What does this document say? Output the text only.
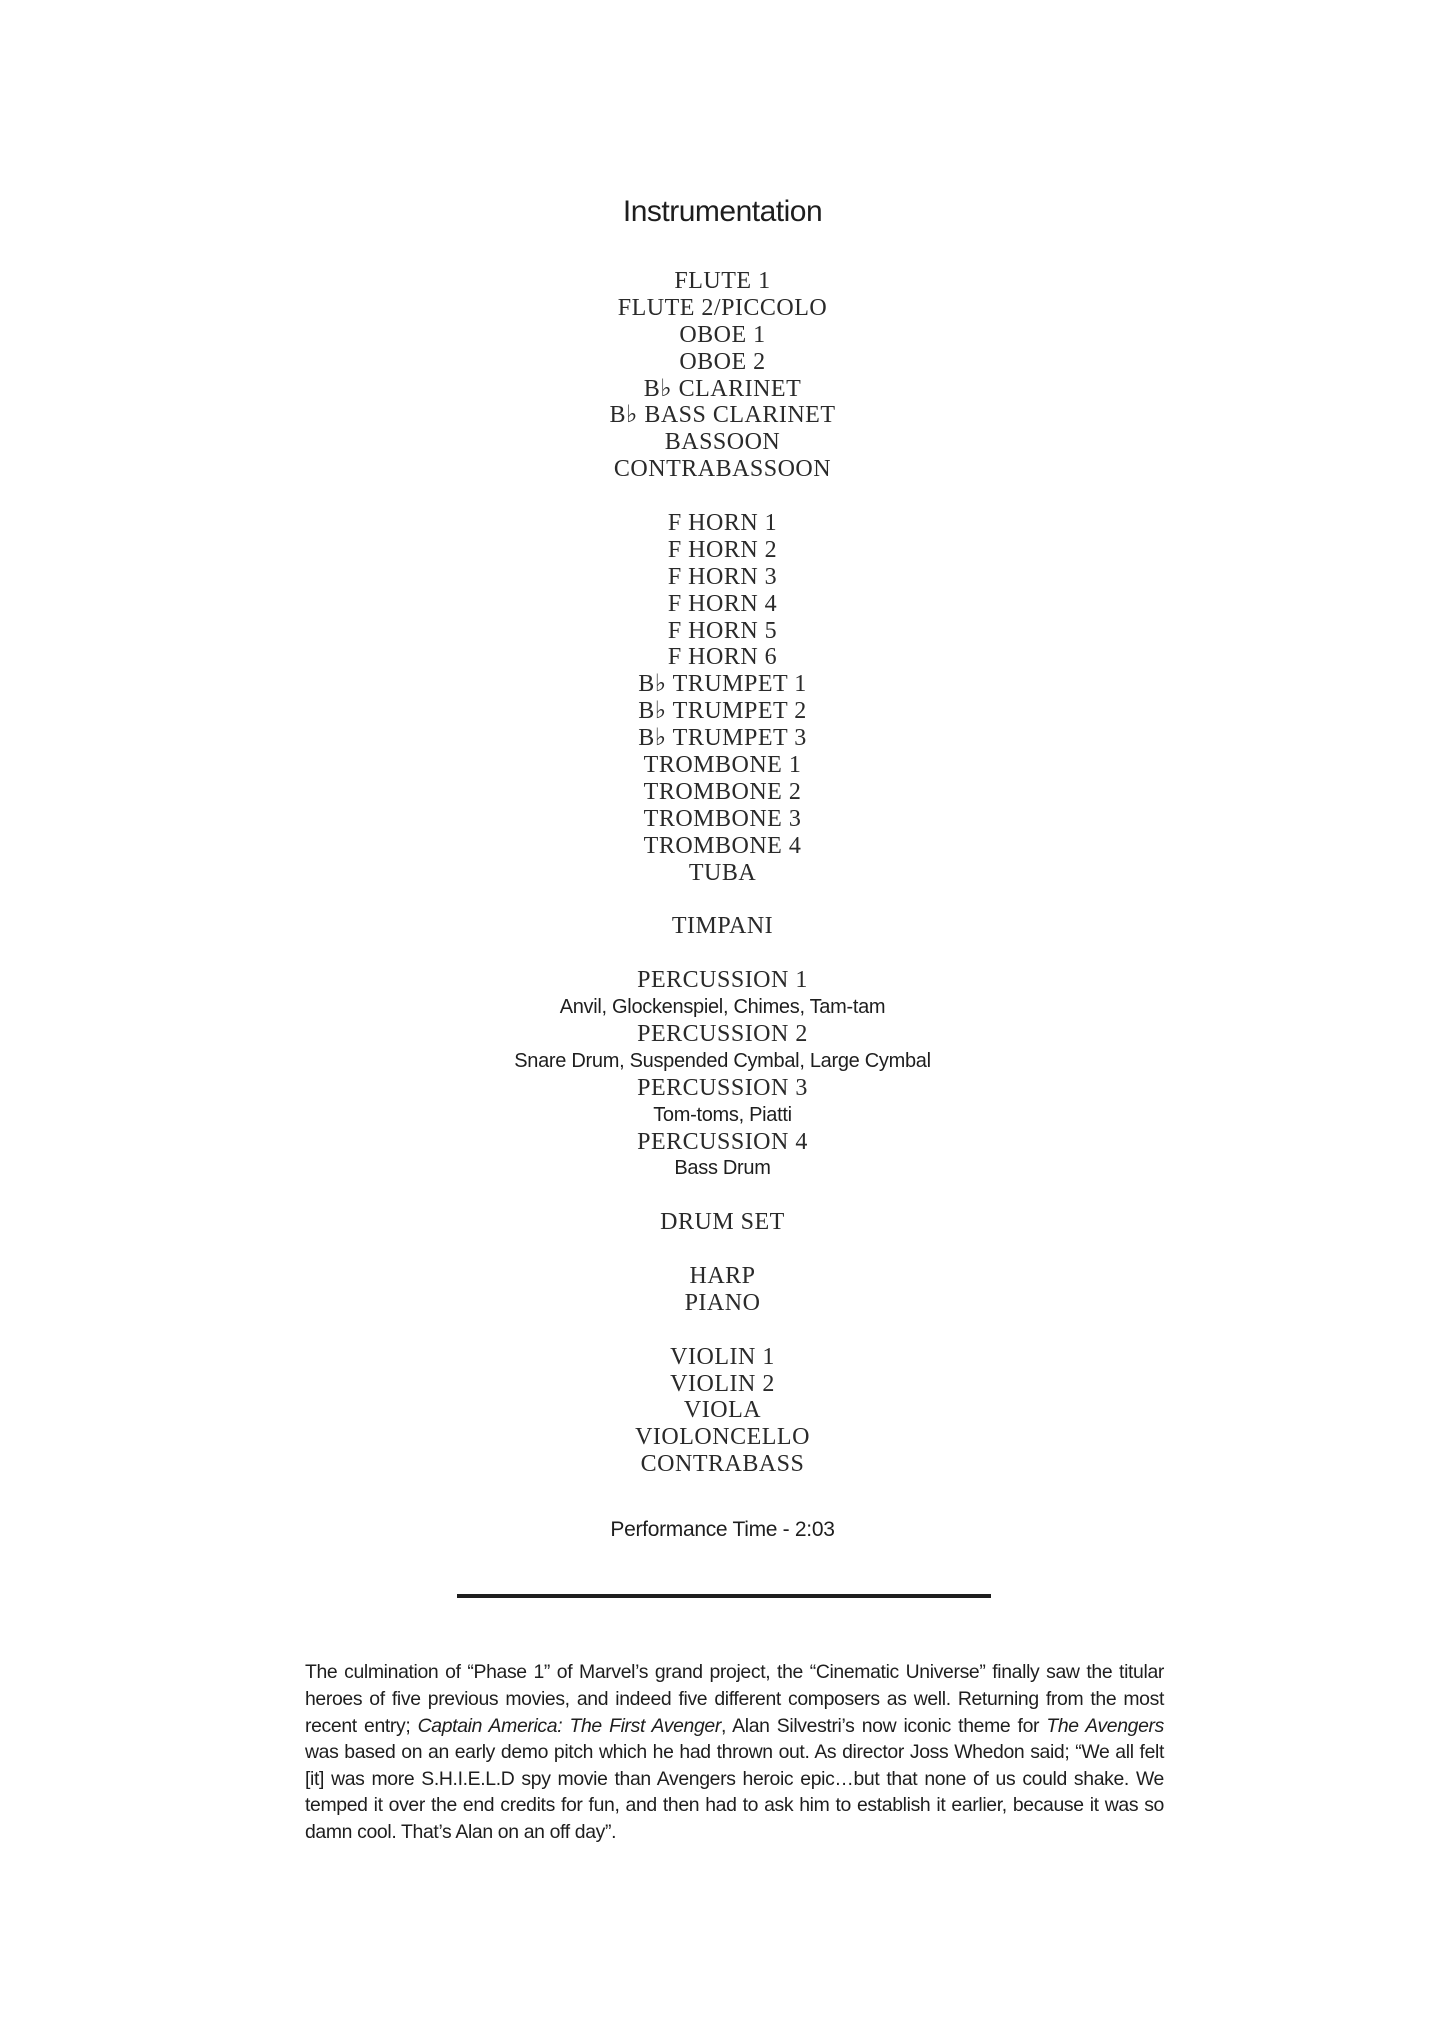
Instrumentation
FLUTE 1
FLUTE 2/PICCOLO
OBOE 1
OBOE 2
B♭ CLARINET
B♭ BASS CLARINET
BASSOON
CONTRABASSOON
F HORN 1
F HORN 2
F HORN 3
F HORN 4
F HORN 5
F HORN 6
B♭ TRUMPET 1
B♭ TRUMPET 2
B♭ TRUMPET 3
TROMBONE 1
TROMBONE 2
TROMBONE 3
TROMBONE 4
TUBA
TIMPANI
PERCUSSION 1
Anvil, Glockenspiel, Chimes, Tam-tam
PERCUSSION 2
Snare Drum, Suspended Cymbal, Large Cymbal
PERCUSSION 3
Tom-toms, Piatti
PERCUSSION 4
Bass Drum
DRUM SET
HARP
PIANO
VIOLIN 1
VIOLIN 2
VIOLA
VIOLONCELLO
CONTRABASS
Performance Time - 2:03

The culmination of “Phase 1” of Marvel’s grand project, the “Cinematic Universe” finally saw the titular heroes of five previous movies, and indeed five different composers as well. Returning from the most recent entry; Captain America: The First Avenger, Alan Silvestri’s now iconic theme for The Avengers was based on an early demo pitch which he had thrown out. As director Joss Whedon said; “We all felt [it] was more S.H.I.E.L.D spy movie than Avengers heroic epic…but that none of us could shake. We temped it over the end credits for fun, and then had to ask him to establish it earlier, because it was so damn cool. That’s Alan on an off day”.
